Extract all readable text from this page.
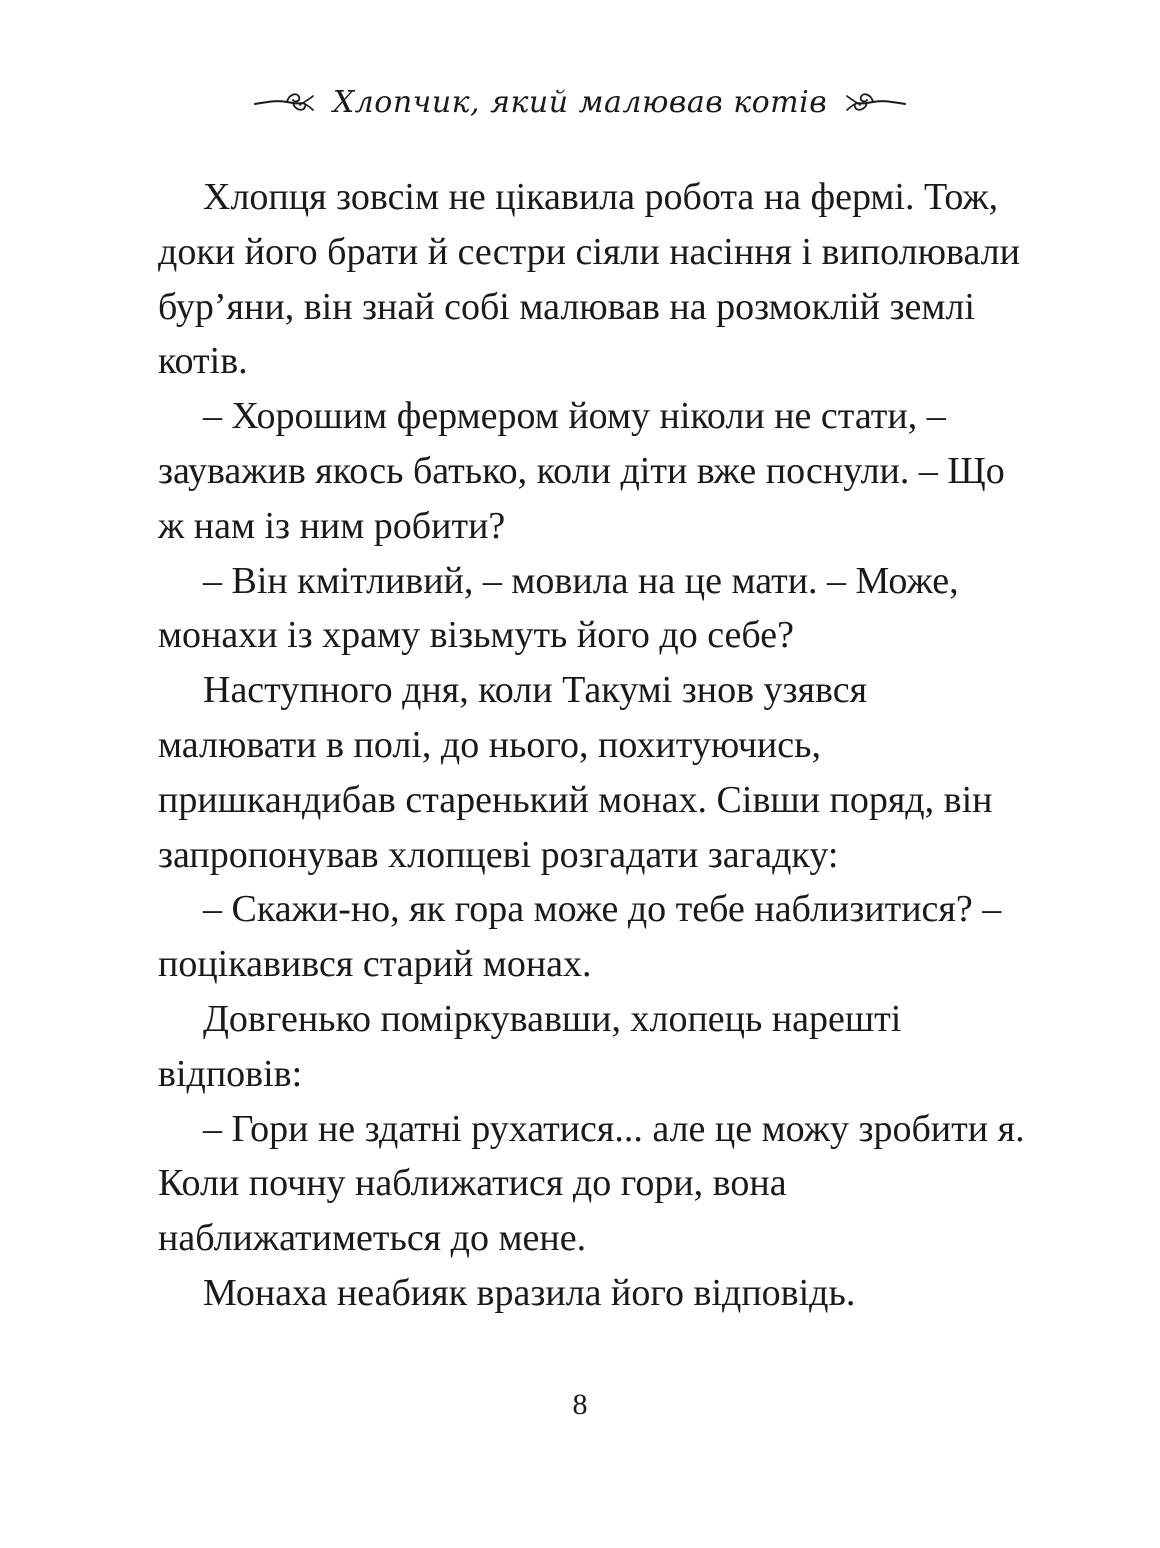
Хлопчик, який малював котів

Хлопця зовсім не цікавила робота на фермі. Тож, доки його брати й сестри сіяли насіння і виполювали бур’яни, він знай собі малював на розмоклій землі котів.

– Хорошим фермером йому ніколи не стати, – зауважив якось батько, коли діти вже поснули. – Що ж нам із ним робити?

– Він кмітливий, – мовила на це мати. – Може, монахи із храму візьмуть його до себе?

Наступного дня, коли Такумі знов узявся малювати в полі, до нього, похитуючись, пришкандибав старенький монах. Сівши поряд, він запропонував хлопцеві розгадати загадку:

– Скажи-но, як гора може до тебе наблизитися? – поцікавився старий монах.

Довгенько поміркувавши, хлопець нарешті відповів:

– Гори не здатні рухатися... але це можу зробити я. Коли почну наближатися до гори, вона наближатиметься до мене.

Монаха неабияк вразила його відповідь.

8
